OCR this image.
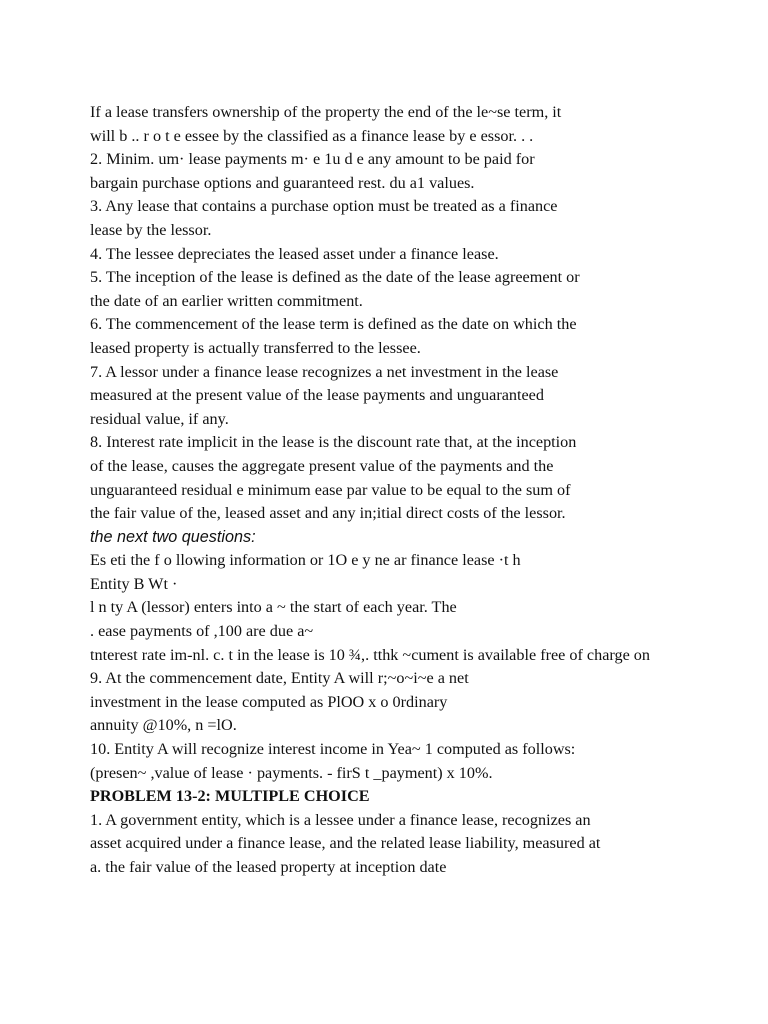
If a lease transfers ownership of the property the end of the le~se term, it
will b .. r o t e essee by the classified as a finance lease by e essor. . .
2. Minim. um· lease payments m· e 1u d e any amount to be paid for
bargain purchase options and guaranteed rest. du a1 values.
3. Any lease that contains a purchase option must be treated as a finance
lease by the lessor.
4. The lessee depreciates the leased asset under a finance lease.
5. The inception of the lease is defined as the date of the lease agreement or
the date of an earlier written commitment.
6. The commencement of the lease term is defined as the date on which the
leased property is actually transferred to the lessee.
7. A lessor under a finance lease recognizes a net investment in the lease
measured at the present value of the lease payments and unguaranteed
residual value, if any.
8. Interest rate implicit in the lease is the discount rate that, at the inception
of the lease, causes the aggregate present value of the payments and the
unguaranteed residual e minimum ease par value to be equal to the sum of
the fair value of the, leased asset and any in;itial direct costs of the lessor.
the next two questions:
Es eti the f o llowing information or 1O e y ne ar finance lease ·t h
Entity B Wt ·
l n ty A (lessor) enters into a ~ the start of each year. The
. ease payments of ,100 are due a~
tnterest rate im-nl. c. t in the lease is 10 ¾,. tthk ~cument is available free of charge on
9. At the commencement date, Entity A will r;~o~i~e a net
investment in the lease computed as PlOO x o 0rdinary
annuity @10%, n =lO.
10. Entity A will recognize interest income in Yea~ 1 computed as follows:
(presen~ ,value of lease · payments. - firS t _payment) x 10%.
PROBLEM 13-2: MULTIPLE CHOICE
1. A government entity, which is a lessee under a finance lease, recognizes an
asset acquired under a finance lease, and the related lease liability, measured at
a. the fair value of the leased property at inception date
